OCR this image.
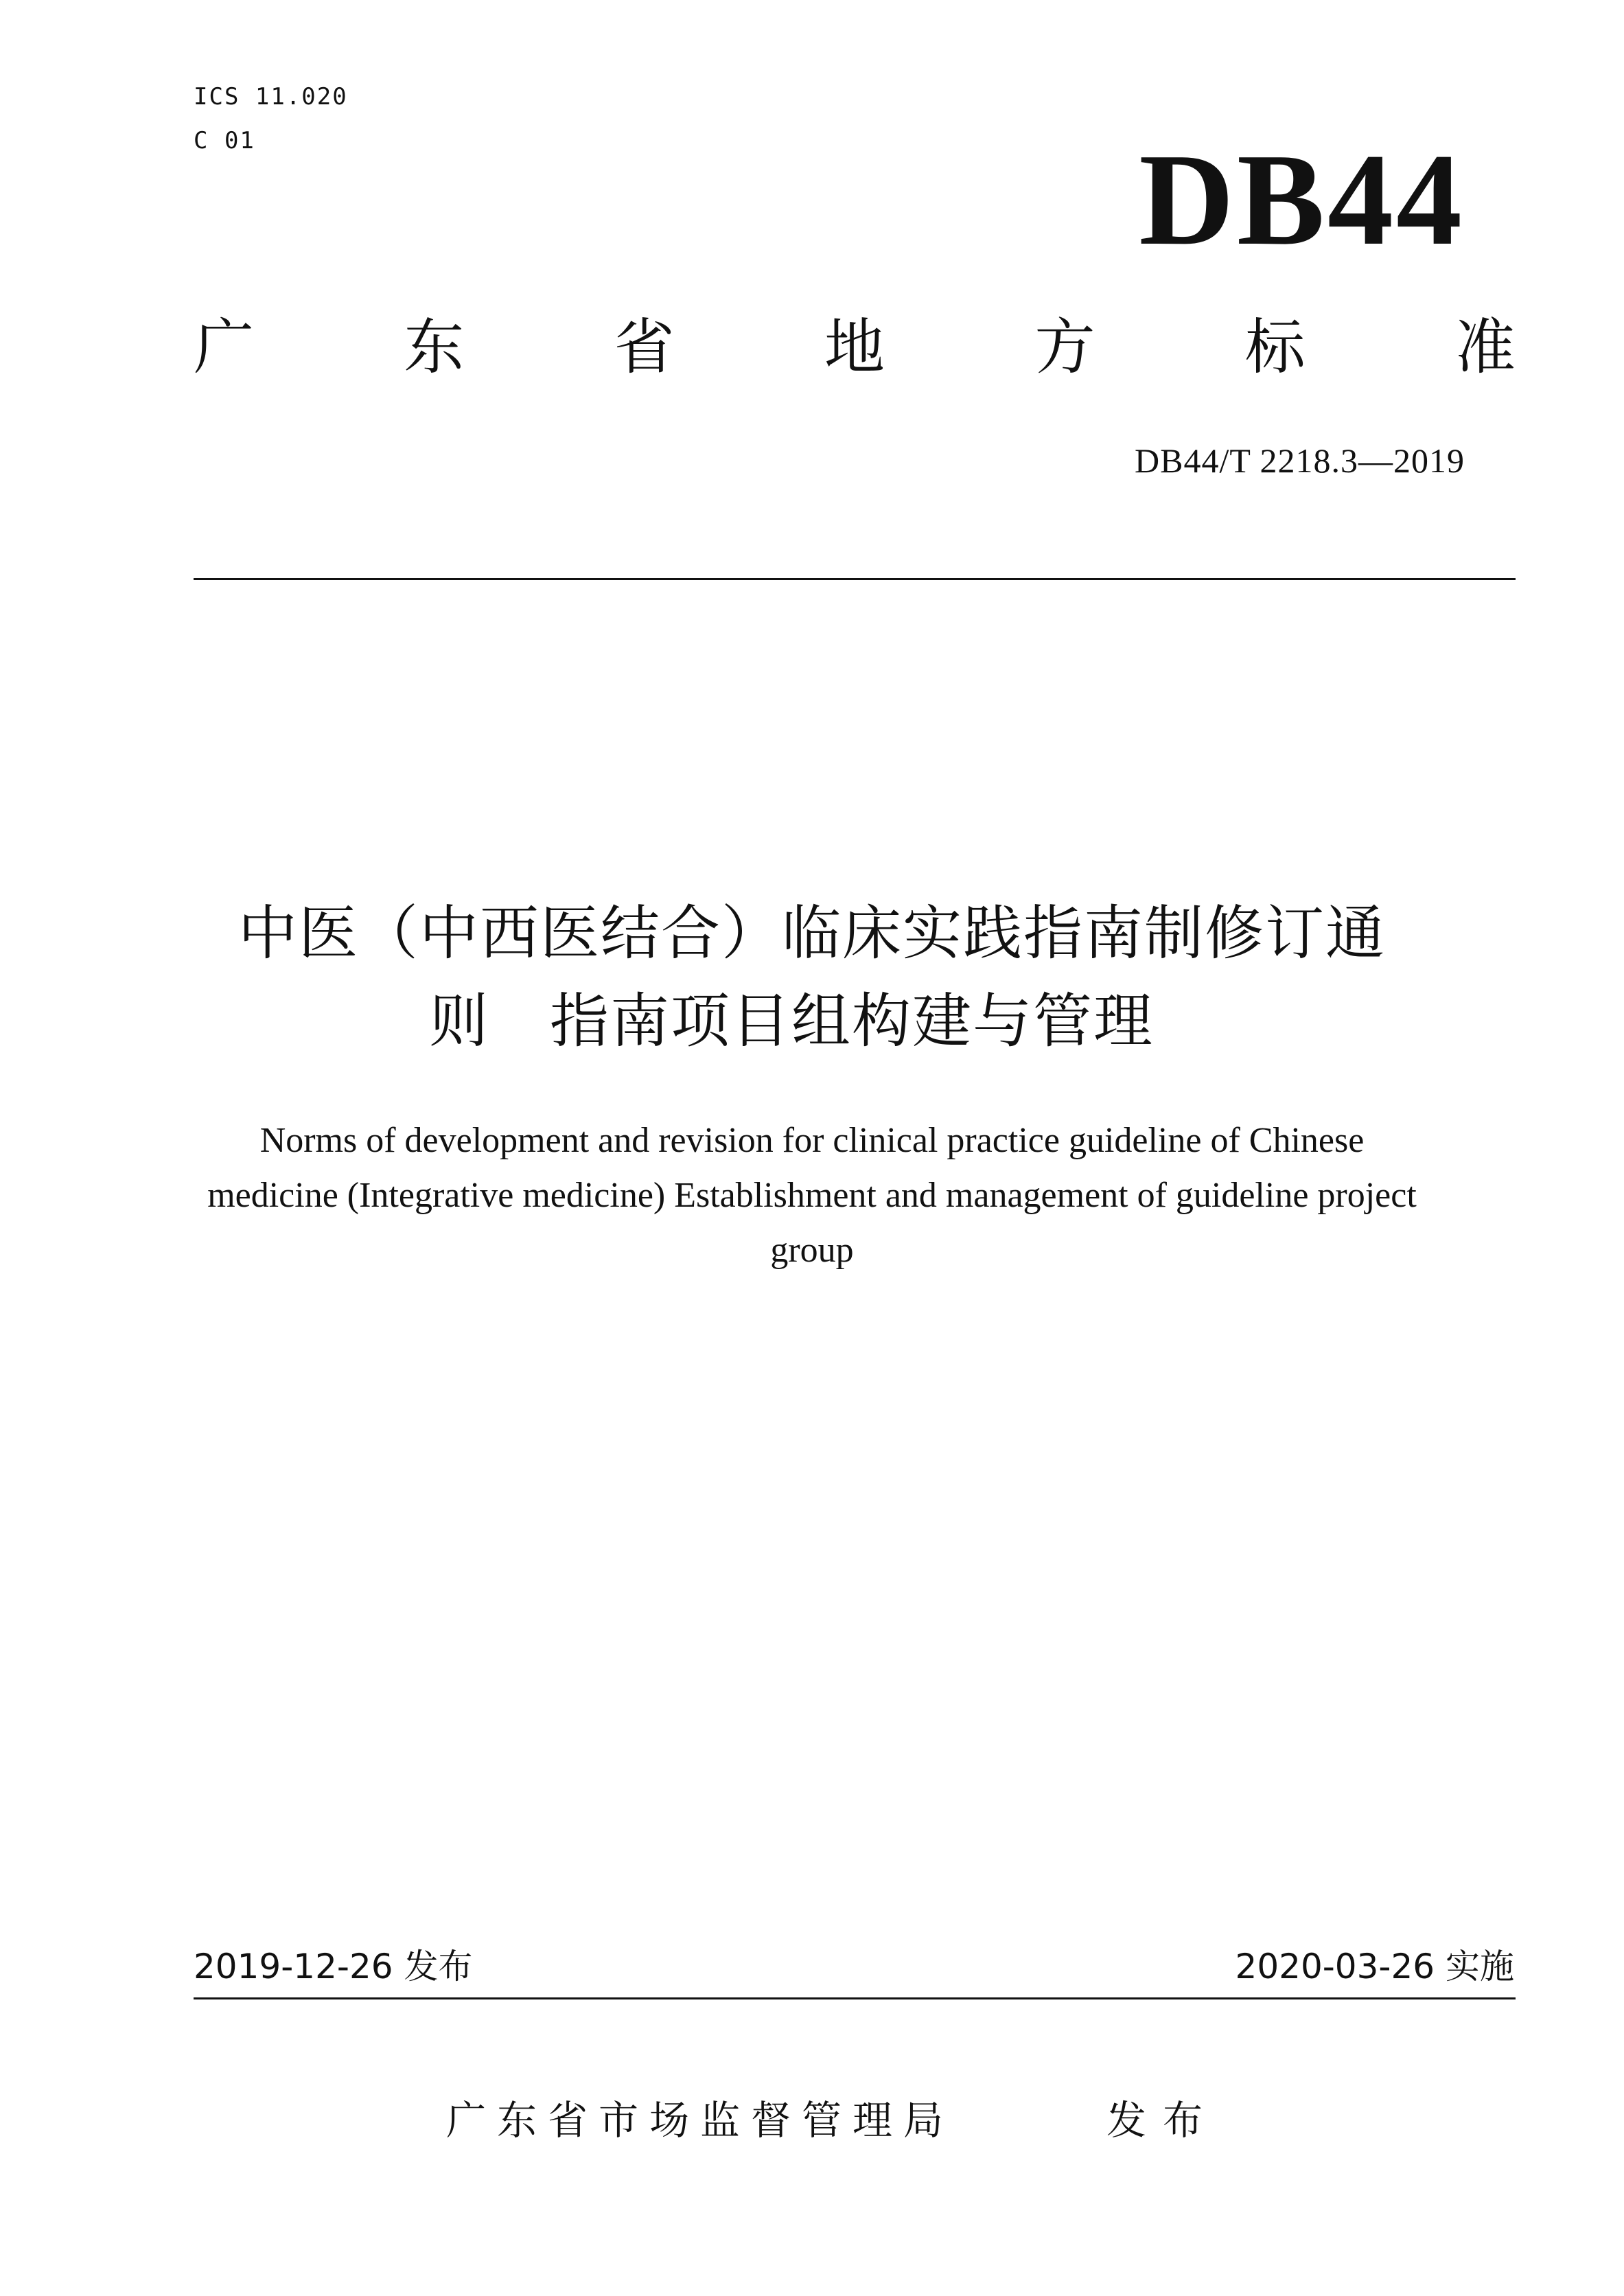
ICS 11.020
C 01	DB44
广 东 省 地 方 标 准
DB44/T 2218.3—2019
中医（中西医结合）临床实践指南制修订通
则　指南项目组构建与管理
Norms of development and revision for clinical practice guideline of Chinese
medicine (Integrative medicine) Establishment and management of guideline project
group
2019-12-26 发布	2020-03-26 实施
广东省市场监督管理局	发布
